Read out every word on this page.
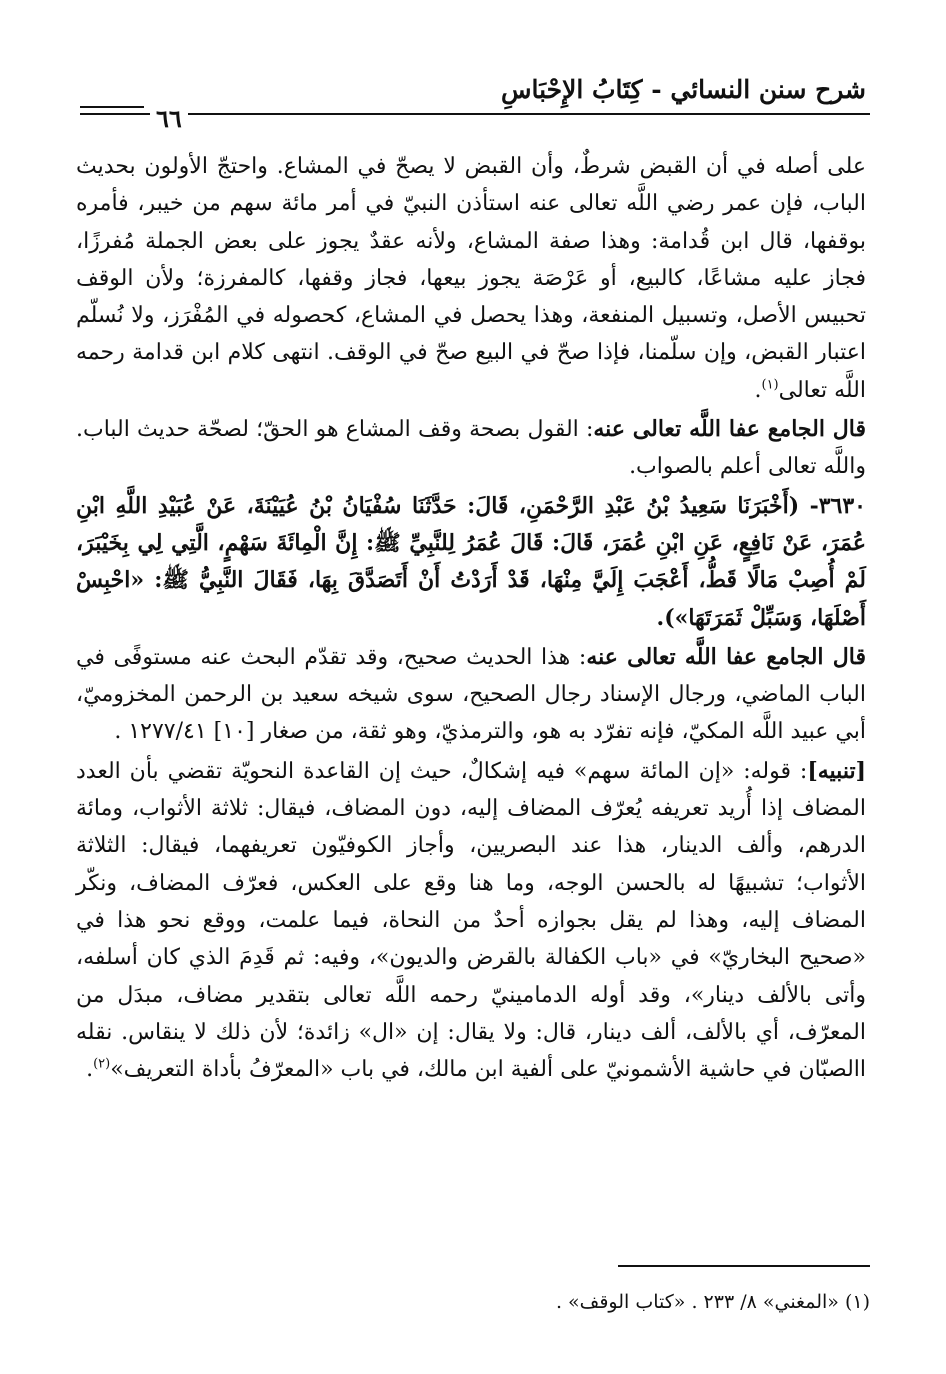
شرح سنن النسائي - كِتَابُ الإِحْبَاسِ
٦٦

على أصله في أن القبض شرطٌ، وأن القبض لا يصحّ في المشاع. واحتجّ الأولون بحديث الباب، فإن عمر رضي اللَّه تعالى عنه استأذن النبيّ في أمر مائة سهم من خيبر، فأمره بوقفها، قال ابن قُدامة: وهذا صفة المشاع، ولأنه عقدٌ يجوز على بعض الجملة مُفرزًا، فجاز عليه مشاعًا، كالبيع، أو عَرْصَة يجوز بيعها، فجاز وقفها، كالمفرزة؛ ولأن الوقف تحبيس الأصل، وتسبيل المنفعة، وهذا يحصل في المشاع، كحصوله في المُفْرَز، ولا نُسلّم اعتبار القبض، وإن سلّمنا، فإذا صحّ في البيع صحّ في الوقف. انتهى كلام ابن قدامة رحمه اللَّه تعالى$^{(١)}$.

قال الجامع عفا اللَّه تعالى عنه: القول بصحة وقف المشاع هو الحقّ؛ لصحّة حديث الباب. واللَّه تعالى أعلم بالصواب.

٣٦٣٠- (أَخْبَرَنَا سَعِيدُ بْنُ عَبْدِ الرَّحْمَنِ، قَالَ: حَدَّثَنَا سُفْيَانُ بْنُ عُيَيْنَةَ، عَنْ عُبَيْدِ اللَّهِ ابْنِ عُمَرَ، عَنْ نَافِعٍ، عَنِ ابْنِ عُمَرَ، قَالَ: قَالَ عُمَرُ لِلنَّبِيِّ ﷺ: إِنَّ الْمِائَةَ سَهْمٍ، الَّتِي لِي بِخَيْبَرَ، لَمْ أُصِبْ مَالًا قَطُّ، أَعْجَبَ إِلَيَّ مِنْهَا، قَدْ أَرَدْتُ أَنْ أَتَصَدَّقَ بِهَا، فَقَالَ النَّبِيُّ ﷺ: «احْبِسْ أَصْلَهَا، وَسَبِّلْ ثَمَرَتَهَا»).

قال الجامع عفا اللَّه تعالى عنه: هذا الحديث صحيح، وقد تقدّم البحث عنه مستوفًى في الباب الماضي، ورجال الإسناد رجال الصحيح، سوى شيخه سعيد بن الرحمن المخزوميّ، أبي عبيد اللَّه المكيّ، فإنه تفرّد به هو، والترمذيّ، وهو ثقة، من صغار [١٠] ١٢٧٧/٤١ .

[تنبيه]: قوله: «إن المائة سهم» فيه إشكالٌ، حيث إن القاعدة النحويّة تقضي بأن العدد المضاف إذا أُريد تعريفه يُعرّف المضاف إليه، دون المضاف، فيقال: ثلاثة الأثواب، ومائة الدرهم، وألف الدينار، هذا عند البصريين، وأجاز الكوفيّون تعريفهما، فيقال: الثلاثة الأثواب؛ تشبيهًا له بالحسن الوجه، وما هنا وقع على العكس، فعرّف المضاف، ونكّر المضاف إليه، وهذا لم يقل بجوازه أحدٌ من النحاة، فيما علمت، ووقع نحو هذا في «صحيح البخاريّ» في «باب الكفالة بالقرض والديون»، وفيه: ثم قَدِمَ الذي كان أسلفه، وأتى بالألف دينار»، وقد أوله الدمامينيّ رحمه اللَّه تعالى بتقدير مضاف، مبدَل من المعرّف، أي بالألف، ألف دينار، قال: ولا يقال: إن «ال» زائدة؛ لأن ذلك لا ينقاس. نقله االصبّان في حاشية الأشمونيّ على ألفية ابن مالك، في باب «المعرّفُ بأداة التعريف»$^{(٢)}$.

(١) «المغني» ٨/ ٢٣٣ . «كتاب الوقف» .
